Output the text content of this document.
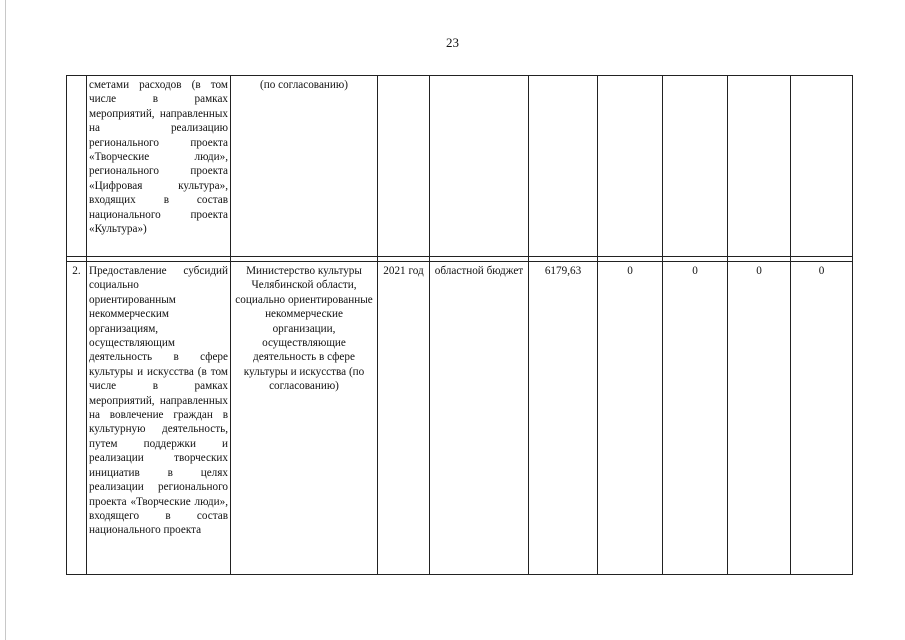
23
	сметами расходов (в том числе в рамках мероприятий, направленных на реализацию регионального проекта «Творческие люди», регионального проекта «Цифровая культура», входящих в состав национального проекта «Культура»)	(по согласованию)							

2.	Предоставление субсидий социально ориентированным некоммерческим организациям, осуществляющим деятельность в сфере культуры и искусства (в том числе в рамках мероприятий, направленных на вовлечение граждан в культурную деятельность, путем поддержки и реализации творческих инициатив в целях реализации регионального проекта «Творческие люди», входящего в состав национального проекта	Министерство культуры Челябинской области, социально ориентированные некоммерческие организации, осуществляющие деятельность в сфере культуры и искусства (по согласованию)	2021 год	областной бюджет	6179,63	0	0	0	0
